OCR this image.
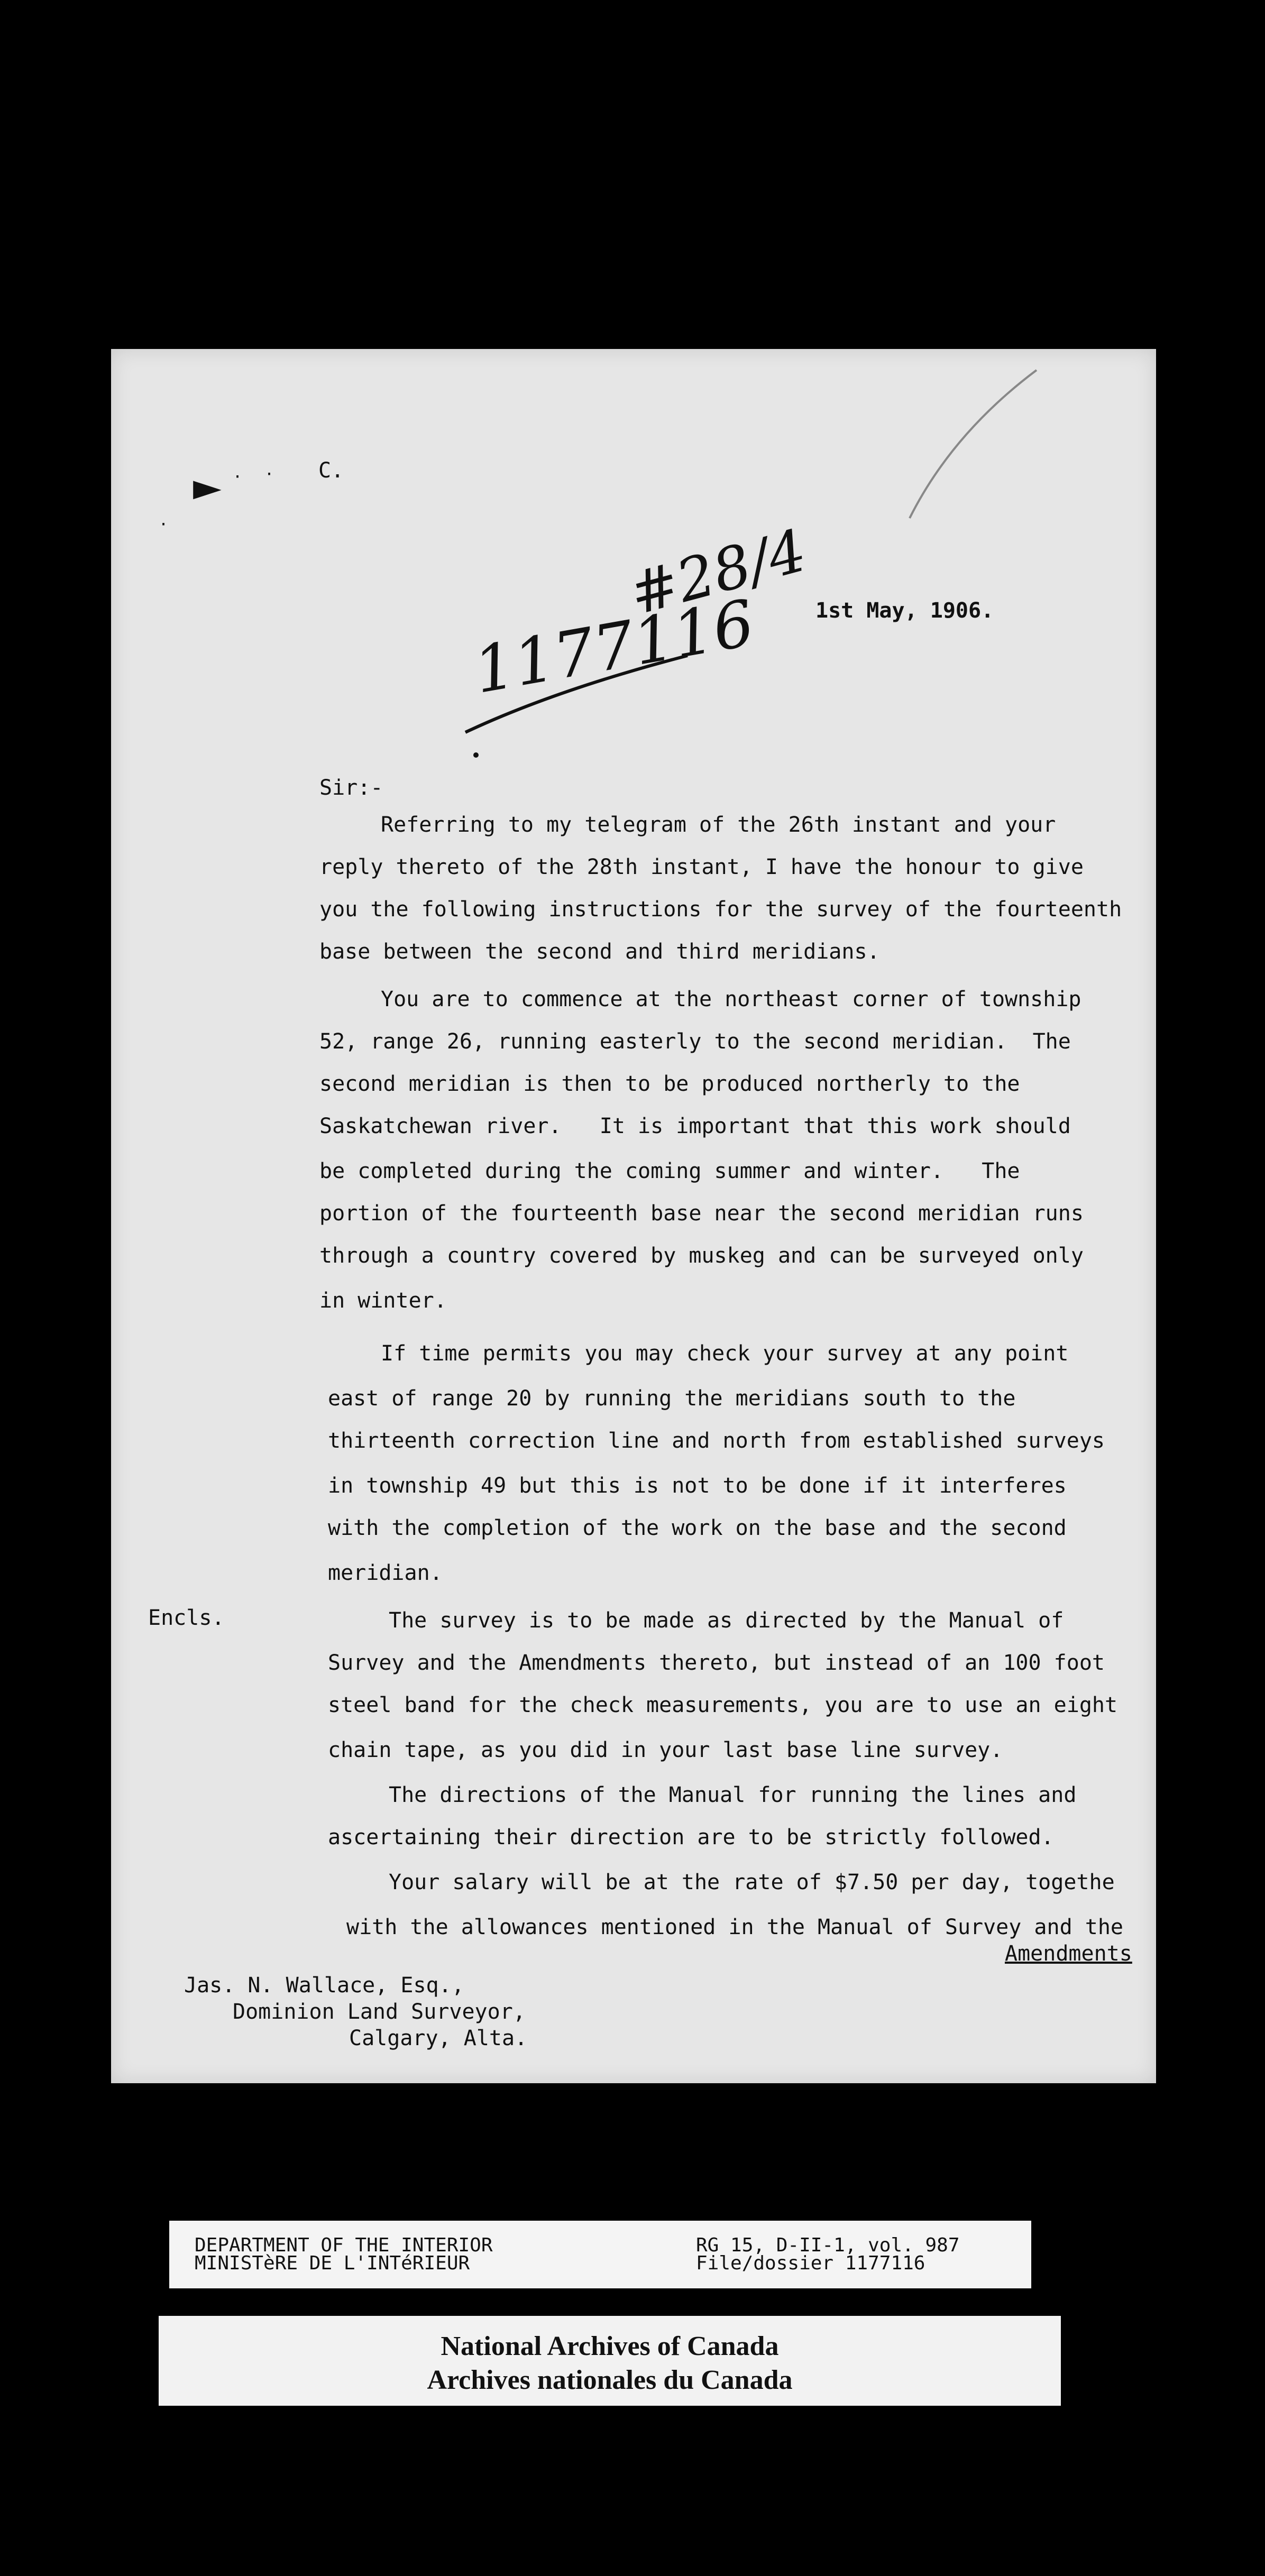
► · ·
·
C.
1177116
#28/4 1st May, 1906.
Sir:-
Referring to my telegram of the 26th instant and your
reply thereto of the 28th instant, I have the honour to give
you the following instructions for the survey of the fourteenth
base between the second and third meridians.
You are to commence at the northeast corner of township
52, range 26, running easterly to the second meridian.  The
second meridian is then to be produced northerly to the
Saskatchewan river.   It is important that this work should
be completed during the coming summer and winter.   The
portion of the fourteenth base near the second meridian runs
through a country covered by muskeg and can be surveyed only
in winter.
If time permits you may check your survey at any point
east of range 20 by running the meridians south to the
thirteenth correction line and north from established surveys
in township 49 but this is not to be done if it interferes
with the completion of the work on the base and the second
meridian.
Encls.	The survey is to be made as directed by the Manual of
Survey and the Amendments thereto, but instead of an 100 foot
steel band for the check measurements, you are to use an eight
chain tape, as you did in your last base line survey.
The directions of the Manual for running the lines and
ascertaining their direction are to be strictly followed.
Your salary will be at the rate of $7.50 per day, togethe
with the allowances mentioned in the Manual of Survey and the
Amendments
Jas. N. Wallace, Esq.,
Dominion Land Surveyor,
Calgary, Alta.
DEPARTMENT OF THE INTERIOR
MINISTèRE DE L'INTéRIEUR
RG 15, D-II-1, vol. 987
File/dossier 1177116
National Archives of Canada
Archives nationales du Canada
